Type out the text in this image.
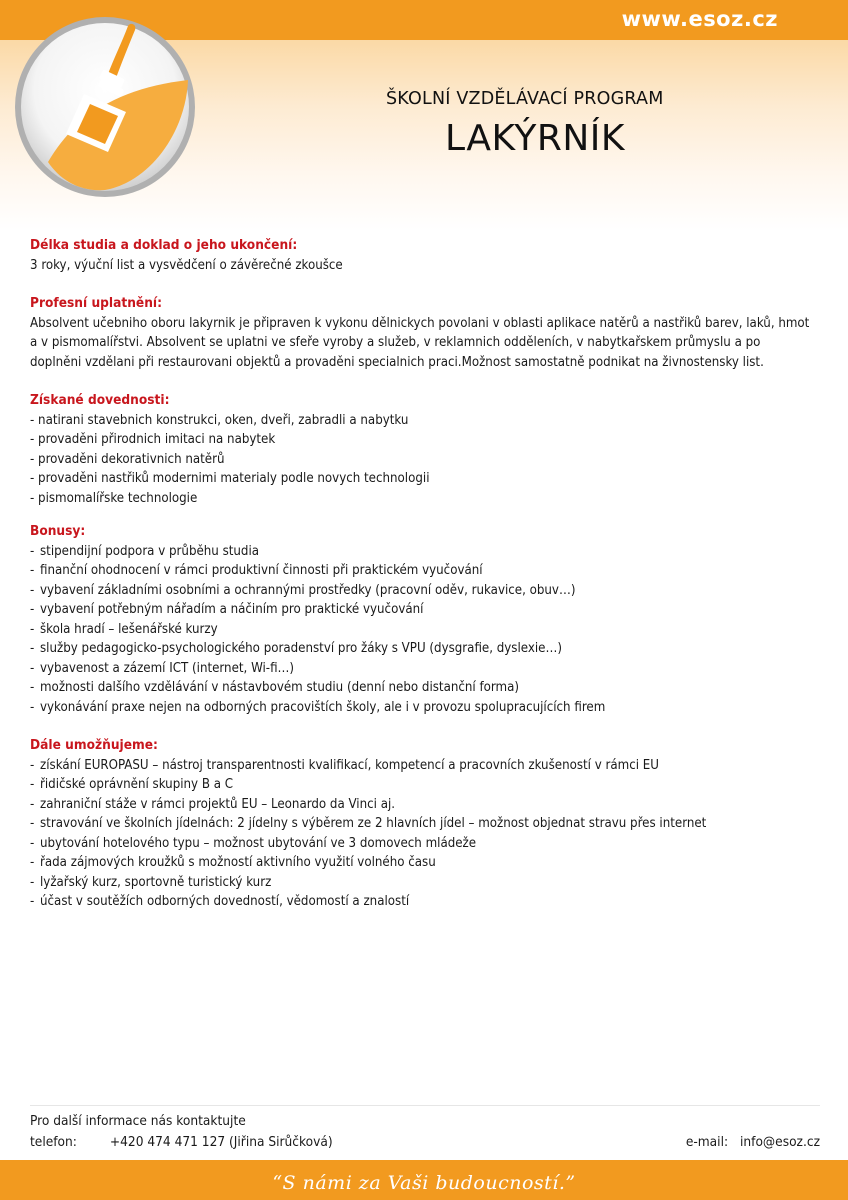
www.esoz.cz
ŠKOLNÍ VZDĚLÁVACÍ PROGRAM
LAKÝRNÍK

Délka studia a doklad o jeho ukončení:

3 roky, výuční list a vysvědčení o závěrečné zkoušce

Profesní uplatnění:

Absolvent učebniho oboru lakyrnik je připraven k vykonu dělnickych povolani v oblasti aplikace natěrů a nastřiků barev, laků, hmot a v pismomalířstvi. Absolvent se uplatni ve sfeře vyroby a služeb, v reklamnich odděleních, v nabytkařskem průmyslu a po doplněni vzdělani při restaurovani objektů a provaděni specialnich praci.Možnost samostatně podnikat na živnostensky list.

Získané dovednosti:

- natirani stavebnich konstrukci, oken, dveři, zabradli a nabytku
- provaděni přirodnich imitaci na nabytek
- provaděni dekorativnich natěrů
- provaděni nastřiků modernimi materialy podle novych technologii
- pismomalířske technologie

Bonusy:

- stipendijní podpora v průběhu studia
- finanční ohodnocení v rámci produktivní činnosti při praktickém vyučování
- vybavení základními osobními a ochrannými prostředky (pracovní oděv, rukavice, obuv…)
- vybavení potřebným nářadím a náčiním pro praktické vyučování
- škola hradí – lešenářské kurzy
- služby pedagogicko-psychologického poradenství pro žáky s VPU (dysgrafie, dyslexie…)
- vybavenost a zázemí ICT (internet, Wi-fi…)
- možnosti dalšího vzdělávání v nástavbovém studiu (denní nebo distanční forma)
- vykonávání praxe nejen na odborných pracovištích školy, ale i v provozu spolupracujících firem

Dále umožňujeme:

- získání EUROPASU – nástroj transparentnosti kvalifikací, kompetencí a pracovních zkušeností v rámci EU
- řidičské oprávnění skupiny B a C
- zahraniční stáže v rámci projektů EU – Leonardo da Vinci aj.
- stravování ve školních jídelnách: 2 jídelny s výběrem ze 2 hlavních jídel – možnost objednat stravu přes internet
- ubytování hotelového typu – možnost ubytování ve 3 domovech mládeže
- řada zájmových kroužků s možností aktivního využití volného času
- lyžařský kurz, sportovně turistický kurz
- účast v soutěžích odborných dovedností, vědomostí a znalostí
Pro další informace nás kontaktujte
telefon: +420 474 471 127 (Jiřina Sirůčková)	e-mail: info@esoz.cz
“S námi za Vaši budoucností.”
